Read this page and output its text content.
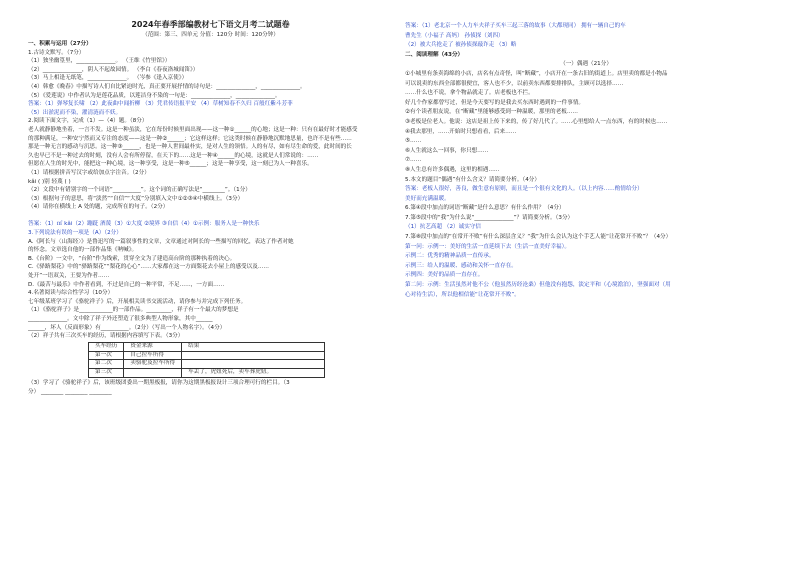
2024年春季部编教材七下语文月考二试题卷
（范围：第三、四单元 分值：120分 时间：120分钟）
一、积累与运用（27分）
1.古诗文默写。（7分）
（1）独坐幽篁里，______________。 （王维《竹里馆》）
（2）______________，阴人不起故园情。 （李白《春夜洛城闻笛》）
（3）马上相逢无纸笔，______________。 （岑参《逢入京使》）
（4）韩愈《晚春》中描写诗人们自比紧迫时光，真正要开展抒情的诗句是：______________，______________。
（5）《爱莲说》中作者认为是莲花品质，以莲洁身不染的一句是：______________，______________。
答案：（1）弹琴复长啸 （2）此夜曲中闻折柳 （3）凭君传语报平安 （4）草树知春不久归 百般红紫斗芳菲
（5）出淤泥而不染，濯清涟而不妖。
2.阅读下面文字，完成（1）—（4）题。（8分）
老人就静静地坐着，一言不发。这是一种虽淡，它在每份时候里面出现——这一种①______的心地；这是一种：只有在最好时才能感受
的那种满足，一种安宁然而又专注的态度——这是一种②______；它这样这样；它这类时候在静静地沉默地思量，也许不是有些……
那是一种无言的感动与沉思。这一种③______，也是一种人世间最朴实，是对人生的领悟。人的有尽，如有尽生命的爱，此时间的长
久也早已不是一种过去的时刻，没有人会有所停留，在天下的……这是一种④______的心境，这就是人们常说的：……
但愿在人生的时光中，能把这一种心境，这一种享受，这是一种⑤______；这是一种享受，这一刻已为人一种喜乐。
（1）请根据拼音写汉字或给加点字注音。（2分）
kǎi ( )别 轻蔑 ( )
（2）文段中有错别字的一个词语“__________”。这个词的正确写法是“________”。（1分）
（3）根据句子的意思，将“淡然”“自信”“大度”分别填入文中①②③④中横线上。（3分）
（4）请你在横线上 A 处的题，完成所在的句子。（2分）
答案：（1）㎡ kǎi（2）蹦跹 酒蔑（3）①大度 ②境界 ③自信（4）①示例：服务人是一种快乐
3.下列说法有误的一项是（A）（2分）
A.《阿长与〈山海经〉》是鲁迅写的一篇叙事性的文章，文章通过对阿长的一些描写的回忆，表达了作者对她
的怀念。文章选自他的一部作品集《呐喊》。
B.《台阶》一文中，“台阶”作为线索，贯穿全文为了建造高台阶的那种执着的决心。
C.《驿路梨花》中的“驿路梨花”“梨花的心心”……大家都在这一方面梨花去小屋上的感受以及……
处开”一语双关，王要为作者……
D.《最苦与最乐》中作者看到，不过是自己的一种平常，不足……，一方面……
4.名著阅读与综合性学习（10分）
七年级某班学习了《骆驼祥子》后，开展相关读书交流活动，请你参与并完成下列任务。
（1）《骆驼祥子》是____________的一部作品。_________，祥子有一个最大的梦想是
______________。文中除了祥子外还塑造了很多典型人物形象，其中______
______，坏人（反面形象）有__________。（2分）（写出一个人物名字）。（4分）
（2）祥子共有三次买车的经历，请根据内容填写下表。（3分）
买车经历	资金来源	结果
第一次	自己拉车所得	
第二次	卖骆驼及拉车所得	
第三次		车丢了，虎妞死后，卖车葬虎妞。
（3）学习了《骆驼祥子》后，该班级团委出一期黑板报，请你为这期黑板报设计三项合理可行的栏目。（3
分） ________ ________ ________
答案：（1）老北京一个人力车夫祥子买车三起三落的故事（大都现同） 拥有一辆自己的车
曹先生（小福子 高妈） 孙侦探（刘四）
（2）被大兵抢走了 被孙侦探敲诈走 （3）略
二、阅读理解（43分）
（一）偶遇（21分）
①小城里有条卖海绵的小店，店名有点奇怪，叫“断藏”，小店开在一条古旧的街道上。店里卖的都是小物品
可以说卖的东西全部都很便宜，客人也不少，以前卖东西都要排排队，主顾可以选择……
……什么也不说，拿个物品就走了。店老板也不拦。
好几个作家都曾写过，但是今天要写的是我去买东西时遇到的一件事情。
②有个读者朋友说，在“断藏”里能够感受到一种温暖，那里的老板……
③老板是位老人。他说：这店是祖上传下来的，传了好几代了。……心里想给人一点东西，有的时候也……
④我去那里，……开始时只想看看，后来……
⑤……
⑥人生就这么一回事，你只想……
⑦……
⑧人生总有许多偶遇，这里的相遇……
5.本文的题目“偶遇”有什么含义？请简要分析。（4分）
答案：老板人很好，善良，做生意有原则，而且是一个很有文化的人。（以上内容……酌情给分）
美好而充满温暖。
6.第④段中加点的词语“断藏”是什么意思？有什么作用？（4分）
7.第⑤段中的“我”为什么说“______________”？请简要分析。（3分）
（1）抗艺高超 （2）诚实守信
7.第⑧段中加点的“在常开不败”有什么深层含义？“我”为什么会认为这个手艺人能“让花常开不败”？（4分）
第一问：示例一：美好的生活一直延续下去（生活一直美好幸福）。
示例二：优秀的精神品质一直传承。
示例三：给人的温暖、感动和关怀一直存在。
示例四：美好的品质一直存在。
第二问：示例：生活虽然对他不公（他虽然历经沧桑）但他没有抱怨，淡定平和（心境澹泊），坚强面对（用
心对待生活），所以他相信能“让花常开不败”。
